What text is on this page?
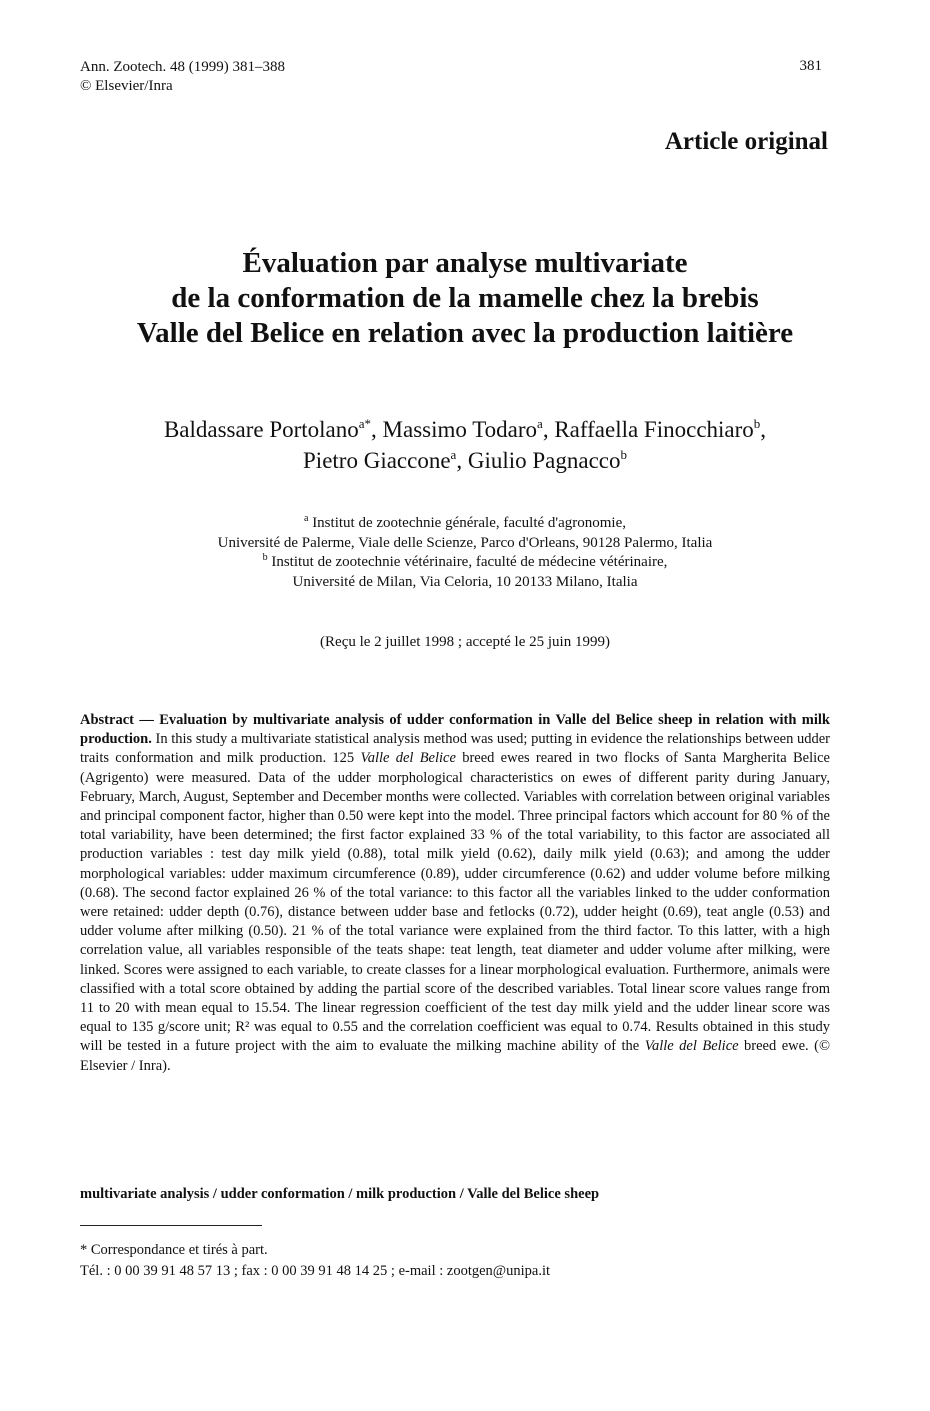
Ann. Zootech. 48 (1999) 381–388
© Elsevier/Inra
381
Article original
Évaluation par analyse multivariate
de la conformation de la mamelle chez la brebis
Valle del Belice en relation avec la production laitière
Baldassare Portolano$^{a*}$, Massimo Todaro$^a$, Raffaella Finocchiaro$^b$,
Pietro Giaccone$^a$, Giulio Pagnacco$^b$
$^a$ Institut de zootechnie générale, faculté d'agronomie,
Université de Palerme, Viale delle Scienze, Parco d'Orleans, 90128 Palermo, Italia
$^b$ Institut de zootechnie vétérinaire, faculté de médecine vétérinaire,
Université de Milan, Via Celoria, 10 20133 Milano, Italia
(Reçu le 2 juillet 1998 ; accepté le 25 juin 1999)
Abstract — Evaluation by multivariate analysis of udder conformation in Valle del Belice sheep in relation with milk production. In this study a multivariate statistical analysis method was used; putting in evidence the relationships between udder traits conformation and milk production. 125 Valle del Belice breed ewes reared in two flocks of Santa Margherita Belice (Agrigento) were measured. Data of the udder morphological characteristics on ewes of different parity during January, February, March, August, September and December months were collected. Variables with correlation between original variables and principal component factor, higher than 0.50 were kept into the model. Three principal factors which account for 80 % of the total variability, have been determined; the first factor explained 33 % of the total variability, to this factor are associated all production variables : test day milk yield (0.88), total milk yield (0.62), daily milk yield (0.63); and among the udder morphological variables: udder maximum circumference (0.89), udder circumference (0.62) and udder volume before milking (0.68). The second factor explained 26 % of the total variance: to this factor all the variables linked to the udder conformation were retained: udder depth (0.76), distance between udder base and fetlocks (0.72), udder height (0.69), teat angle (0.53) and udder volume after milking (0.50). 21 % of the total variance were explained from the third factor. To this latter, with a high correlation value, all variables responsible of the teats shape: teat length, teat diameter and udder volume after milking, were linked. Scores were assigned to each variable, to create classes for a linear morphological evaluation. Furthermore, animals were classified with a total score obtained by adding the partial score of the described variables. Total linear score values range from 11 to 20 with mean equal to 15.54. The linear regression coefficient of the test day milk yield and the udder linear score was equal to 135 g/score unit; R² was equal to 0.55 and the correlation coefficient was equal to 0.74. Results obtained in this study will be tested in a future project with the aim to evaluate the milking machine ability of the Valle del Belice breed ewe. (© Elsevier / Inra).
multivariate analysis / udder conformation / milk production / Valle del Belice sheep
* Correspondance et tirés à part.
Tél. : 0 00 39 91 48 57 13 ; fax : 0 00 39 91 48 14 25 ; e-mail : zootgen@unipa.it
